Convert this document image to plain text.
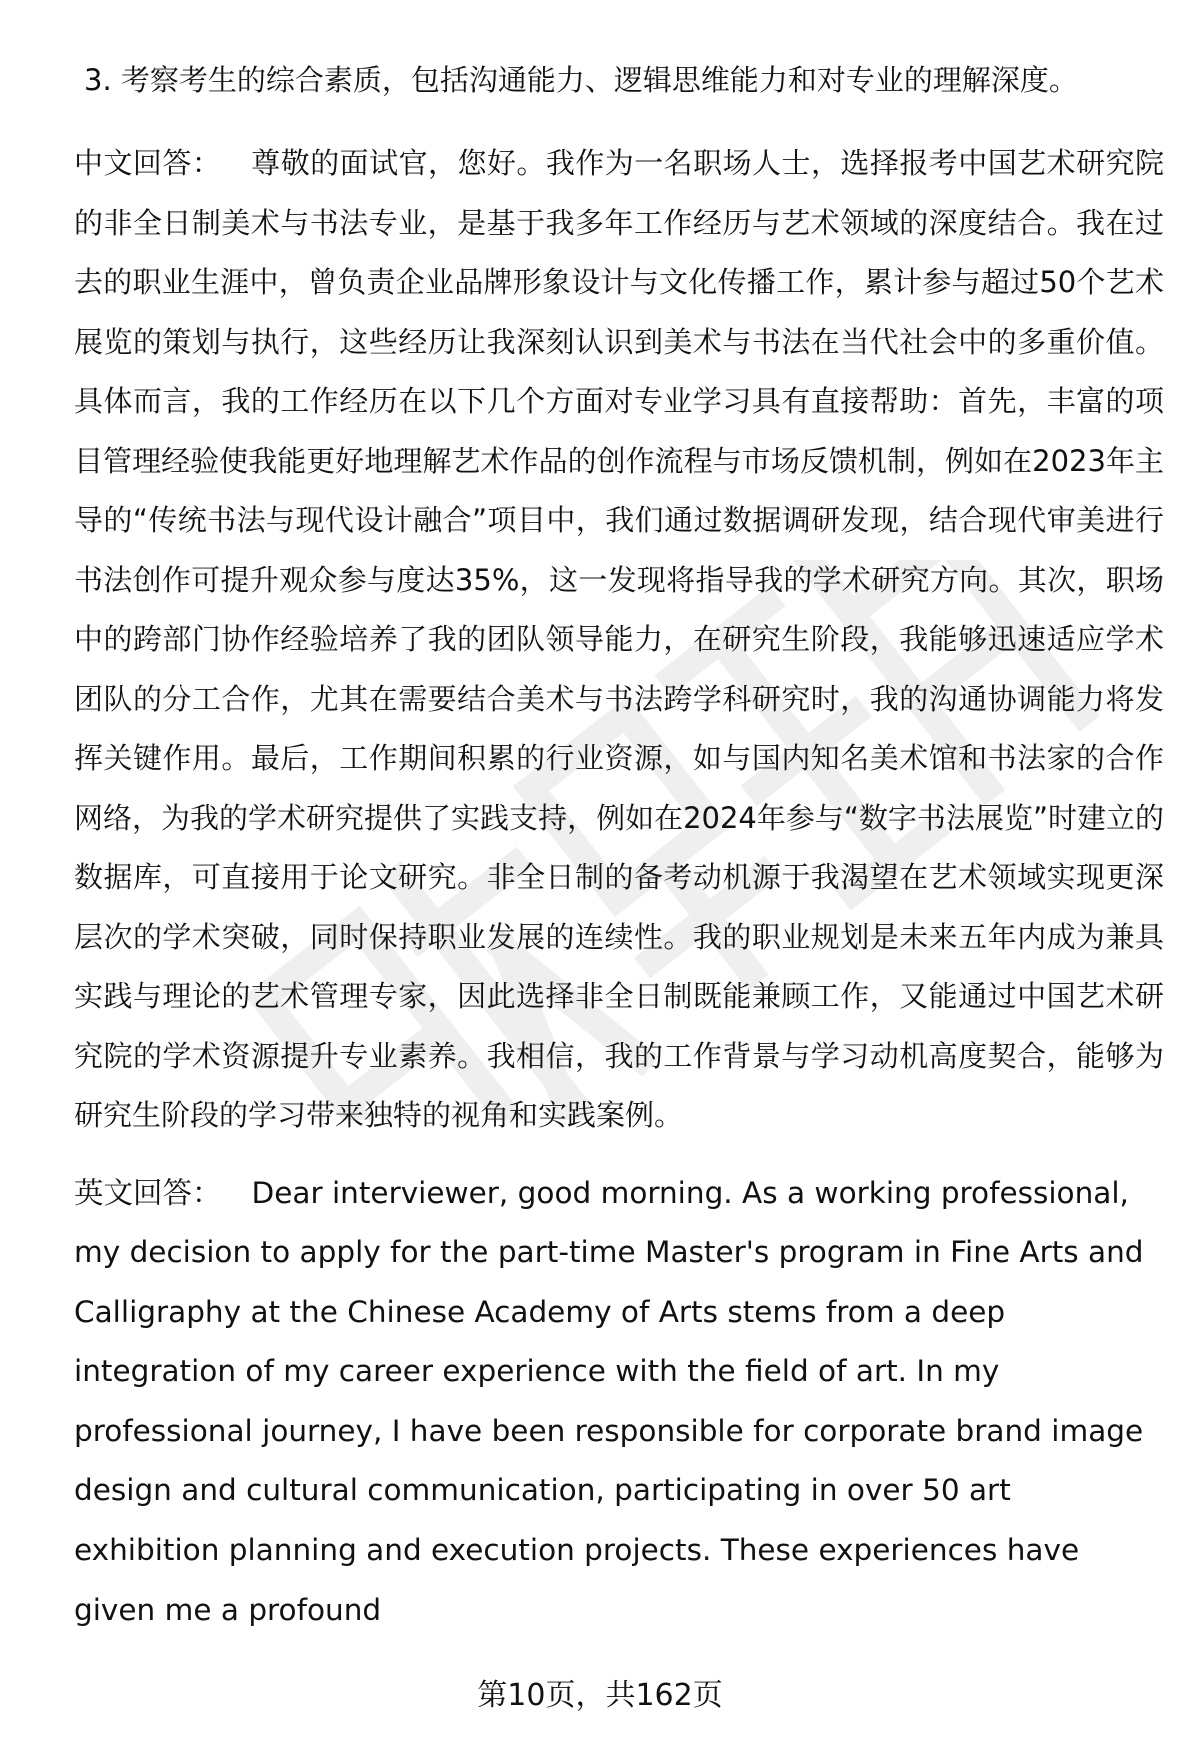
3. 考察考生的综合素质，包括沟通能力、逻辑思维能力和对专业的理解深度。

中文回答： 尊敬的面试官，您好。我作为一名职场人士，选择报考中国艺术研究院的非全日制美术与书法专业，是基于我多年工作经历与艺术领域的深度结合。我在过去的职业生涯中，曾负责企业品牌形象设计与文化传播工作，累计参与超过50个艺术展览的策划与执行，这些经历让我深刻认识到美术与书法在当代社会中的多重价值。具体而言，我的工作经历在以下几个方面对专业学习具有直接帮助：首先，丰富的项目管理经验使我能更好地理解艺术作品的创作流程与市场反馈机制，例如在2023年主导的“传统书法与现代设计融合”项目中，我们通过数据调研发现，结合现代审美进行书法创作可提升观众参与度达35%，这一发现将指导我的学术研究方向。其次，职场中的跨部门协作经验培养了我的团队领导能力，在研究生阶段，我能够迅速适应学术团队的分工合作，尤其在需要结合美术与书法跨学科研究时，我的沟通协调能力将发挥关键作用。最后，工作期间积累的行业资源，如与国内知名美术馆和书法家的合作网络，为我的学术研究提供了实践支持，例如在2024年参与“数字书法展览”时建立的数据库，可直接用于论文研究。非全日制的备考动机源于我渴望在艺术领域实现更深层次的学术突破，同时保持职业发展的连续性。我的职业规划是未来五年内成为兼具实践与理论的艺术管理专家，因此选择非全日制既能兼顾工作，又能通过中国艺术研究院的学术资源提升专业素养。我相信，我的工作背景与学习动机高度契合，能够为研究生阶段的学习带来独特的视角和实践案例。

英文回答： Dear interviewer, good morning. As a working professional, my decision to apply for the part-time Master's program in Fine Arts and Calligraphy at the Chinese Academy of Arts stems from a deep integration of my career experience with the field of art. In my professional journey, I have been responsible for corporate brand image design and cultural communication, participating in over 50 art exhibition planning and execution projects. These experiences have given me a profound

第10页，共162页
